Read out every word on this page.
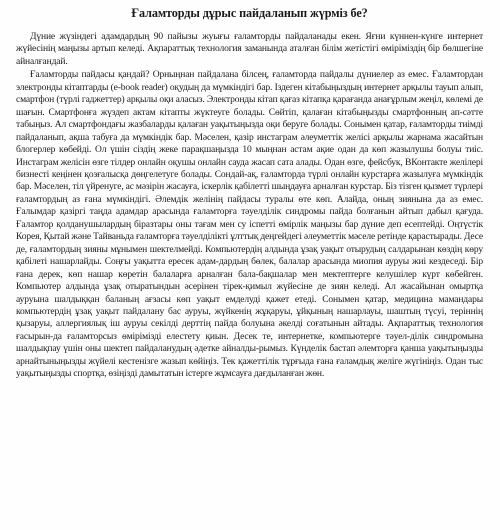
Ғаламторды дұрыс пайдаланып жүрміз бе?

Дүние жүзіндегі адамдардың 90 пайызы жуығы ғаламторды пайдаланады екен. Яғни күннен-күнге интернет жүйесінің маңызы артып келеді. Ақпараттық технология заманында аталған білім жетістігі өміріміздің бір бөлшегіне айналғандай.

Ғаламторды пайдасы қандай? Орныңнан пайдалана білсең, ғаламторда пайдалы дүниелер аз емес. Ғаламтордан электронды кітаптарды (e-book reader) оқудың да мүмкіндігі бар. Іздеген кітабыңыздың интернет арқылы тауып алып, смартфон (түрлі гаджеттер) арқылы оқи аласыз. Электронды кітап қағаз кітапқа қарағанда анағұрлым жеңіл, көлемі де шағын. Смартфонға жүздеп актам кітапты жүктеуге болады. Сөйтіп, қалаған кітабыңызды смартфонның ап-сәтте табыңыз. Ал смартфондағы жазбаларды қалаған уақытыңызда оқи беруге болады. Сонымен қатар, ғаламторды тиімді пайдаланып, ақша табуға да мүмкіндік бар. Мәселен, қазір инстаграм әлеуметтік желісі арқылы жарнама жасайтын блогерлер көбейді. Ол үшін сіздің жеке парақшаңызда 10 мыңнан астам ақие одан да көп жазылушы болуы тиіс. Инстаграм желісін өзге тілдер онлайн оқушы онлайн сауда жасап сата алады. Одан өзге, фейсбук, ВКонтакте желілері бизнесті кеңінен қозғалысқа дөңгелетуге болады. Сондай-ақ, ғаламторда түрлі онлайн курстарға жазылуға мүмкіндік бар. Мәселен, тіл үйренуге, ас мәзірін жасауға, іскерлік қабілетті шыңдауға арналған курстар. Біз тізген қызмет түрлері ғаламтордың аз ғана мүмкіндігі. Әлемдік желінің пайдасы туралы өте көп. Алайда, оның зиянына да аз емес. Ғалымдар қазіргі таңда адамдар арасында ғаламторға тәуелділік синдромы пайда болғанын айтып дабыл қағуда. Ғаламтор қолданушылардың біразтары оны тағам мен су іспетті өмірлік маңызы бар дүние деп есептейді. Оңтүстік Корея, Қытай және Тайваньда ғаламторға тәуелділікті ұлттық деңгейдегі әлеуметтік мәселе ретінде қарастырады. Десе де, ғаламтордың зияны мұнымен шектелмейді. Компьютердің алдында ұзақ уақыт отырудың салдарынан көздің көру қабілеті нашарлайды. Соңғы уақытта ересек адам-дардың бөлек, балалар арасында миопия ауруы жиі кездеседі. Бір ғана дерек, көп нашар көретін балаларға арналған бала-бақшалар мен мектептерге келушілер күрт көбейген. Компьютер алдында ұзақ отыратындын әсерінен тірек-қимыл жүйесіне де зиян келеді. Ал жасайынан омыртқа ауруына шалдыққан баланың ағзасы көп уақыт емделуді қажет етеді. Сонымен қатар, медицина мамандары компьютердің ұзақ уақыт пайдалану бас ауруы, жүйкенің жұқаруы, ұйқының нашарлауы, шаштың түсуі, теріннің қызаруы, аллергиялық іш ауруы секілді дерттің пайда болуына әкелді соғатынын айтады. Ақпараттық технология ғасырын-да ғаламторсыз өмірімізді елестету қиын. Десек те, интернетке, компьютерге тәуел-ділік синдромына шалдықпау үшін оны шектеп пайдаланудың әдетке айналды-рымыз. Күнделік бастап әлемторға қанша уақытыңызды арнайтыныңызды жүйелі кестенізге жазып көйіңіз. Тек қажеттілік тұрғыда ғана ғаламдық желіге жүгініңіз. Одан тыс уақытыңызды спортқа, өзіңізді дамытатын істерге жұмсауға дағдыланған жөн.
